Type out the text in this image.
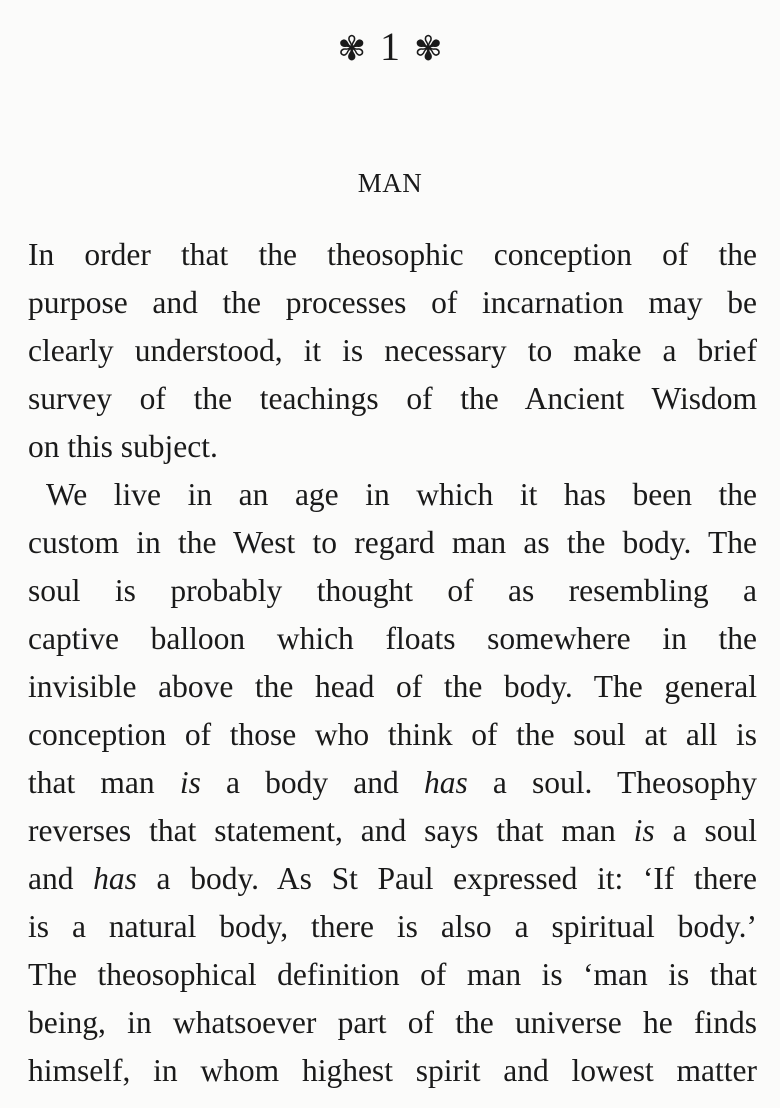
✾ 1 ✾
MAN
In order that the theosophic conception of the
purpose and the processes of incarnation may be
clearly understood, it is necessary to make a brief
survey of the teachings of the Ancient Wisdom
on this subject.
We live in an age in which it has been the
custom in the West to regard man as the body. The
soul is probably thought of as resembling a
captive balloon which floats somewhere in the
invisible above the head of the body. The general
conception of those who think of the soul at all is
that man is a body and has a soul. Theosophy
reverses that statement, and says that man is a soul
and has a body. As St Paul expressed it: ‘If there
is a natural body, there is also a spiritual body.’
The theosophical definition of man is ‘man is that
being, in whatsoever part of the universe he finds
himself, in whom highest spirit and lowest matter
